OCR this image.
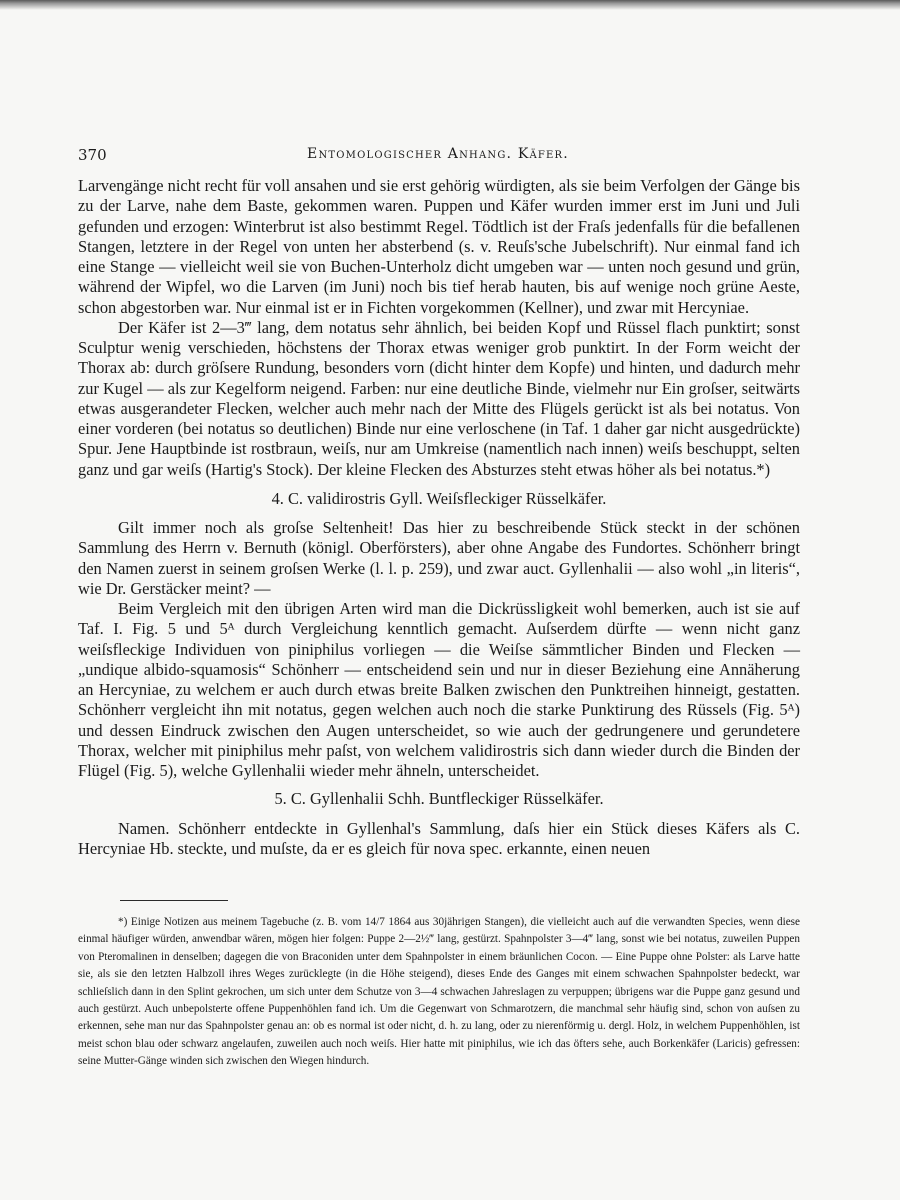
370	Entomologischer Anhang. Käfer.

Larvengänge nicht recht für voll ansahen und sie erst gehörig würdigten, als sie beim Verfolgen der Gänge bis zu der Larve, nahe dem Baste, gekommen waren. Puppen und Käfer wurden immer erst im Juni und Juli gefunden und erzogen: Winterbrut ist also bestimmt Regel. Tödtlich ist der Fraſs jedenfalls für die befallenen Stangen, letztere in der Regel von unten her absterbend (s. v. Reuſs'sche Jubelschrift). Nur einmal fand ich eine Stange — vielleicht weil sie von Buchen-Unterholz dicht umgeben war — unten noch gesund und grün, während der Wipfel, wo die Larven (im Juni) noch bis tief herab hauten, bis auf wenige noch grüne Aeste, schon abgestorben war. Nur einmal ist er in Fichten vorgekommen (Kellner), und zwar mit Hercyniae.

Der Käfer ist 2—3‴ lang, dem notatus sehr ähnlich, bei beiden Kopf und Rüssel flach punktirt; sonst Sculptur wenig verschieden, höchstens der Thorax etwas weniger grob punktirt. In der Form weicht der Thorax ab: durch gröſsere Rundung, besonders vorn (dicht hinter dem Kopfe) und hinten, und dadurch mehr zur Kugel — als zur Kegelform neigend. Farben: nur eine deutliche Binde, vielmehr nur Ein groſser, seitwärts etwas ausgerandeter Flecken, welcher auch mehr nach der Mitte des Flügels gerückt ist als bei notatus. Von einer vorderen (bei notatus so deutlichen) Binde nur eine verloschene (in Taf. 1 daher gar nicht ausgedrückte) Spur. Jene Hauptbinde ist rostbraun, weiſs, nur am Umkreise (namentlich nach innen) weiſs beschuppt, selten ganz und gar weiſs (Hartig's Stock). Der kleine Flecken des Absturzes steht etwas höher als bei notatus.*)

4. C. validirostris Gyll. Weiſsfleckiger Rüsselkäfer.

Gilt immer noch als groſse Seltenheit! Das hier zu beschreibende Stück steckt in der schönen Sammlung des Herrn v. Bernuth (königl. Oberförsters), aber ohne Angabe des Fundortes. Schönherr bringt den Namen zuerst in seinem groſsen Werke (l. l. p. 259), und zwar auct. Gyllenhalii — also wohl „in literis“, wie Dr. Gerstäcker meint? —

Beim Vergleich mit den übrigen Arten wird man die Dickrüssligkeit wohl bemerken, auch ist sie auf Taf. I. Fig. 5 und 5ᴬ durch Vergleichung kenntlich gemacht. Auſserdem dürfte — wenn nicht ganz weiſsfleckige Individuen von piniphilus vorliegen — die Weiſse sämmtlicher Binden und Flecken — „undique albido-squamosis“ Schönherr — entscheidend sein und nur in dieser Beziehung eine Annäherung an Hercyniae, zu welchem er auch durch etwas breite Balken zwischen den Punktreihen hinneigt, gestatten. Schönherr vergleicht ihn mit notatus, gegen welchen auch noch die starke Punktirung des Rüssels (Fig. 5ᴬ) und dessen Eindruck zwischen den Augen unterscheidet, so wie auch der gedrungenere und gerundetere Thorax, welcher mit piniphilus mehr paſst, von welchem validirostris sich dann wieder durch die Binden der Flügel (Fig. 5), welche Gyllenhalii wieder mehr ähneln, unterscheidet.

5. C. Gyllenhalii Schh. Buntfleckiger Rüsselkäfer.

Namen. Schönherr entdeckte in Gyllenhal's Sammlung, daſs hier ein Stück dieses Käfers als C. Hercyniae Hb. steckte, und muſste, da er es gleich für nova spec. erkannte, einen neuen

*) Einige Notizen aus meinem Tagebuche (z. B. vom 14/7 1864 aus 30jährigen Stangen), die vielleicht auch auf die verwandten Species, wenn diese einmal häufiger würden, anwendbar wären, mögen hier folgen: Puppe 2—2½‴ lang, gestürzt. Spahnpolster 3—4‴ lang, sonst wie bei notatus, zuweilen Puppen von Pteromalinen in denselben; dagegen die von Braconiden unter dem Spahnpolster in einem bräunlichen Cocon. — Eine Puppe ohne Polster: als Larve hatte sie, als sie den letzten Halbzoll ihres Weges zurücklegte (in die Höhe steigend), dieses Ende des Ganges mit einem schwachen Spahnpolster bedeckt, war schlieſslich dann in den Splint gekrochen, um sich unter dem Schutze von 3—4 schwachen Jahreslagen zu verpuppen; übrigens war die Puppe ganz gesund und auch gestürzt. Auch unbepolsterte offene Puppenhöhlen fand ich. Um die Gegenwart von Schmarotzern, die manchmal sehr häufig sind, schon von auſsen zu erkennen, sehe man nur das Spahnpolster genau an: ob es normal ist oder nicht, d. h. zu lang, oder zu nierenförmig u. dergl. Holz, in welchem Puppenhöhlen, ist meist schon blau oder schwarz angelaufen, zuweilen auch noch weiſs. Hier hatte mit piniphilus, wie ich das öfters sehe, auch Borkenkäfer (Laricis) gefressen: seine Mutter-Gänge winden sich zwischen den Wiegen hindurch.
